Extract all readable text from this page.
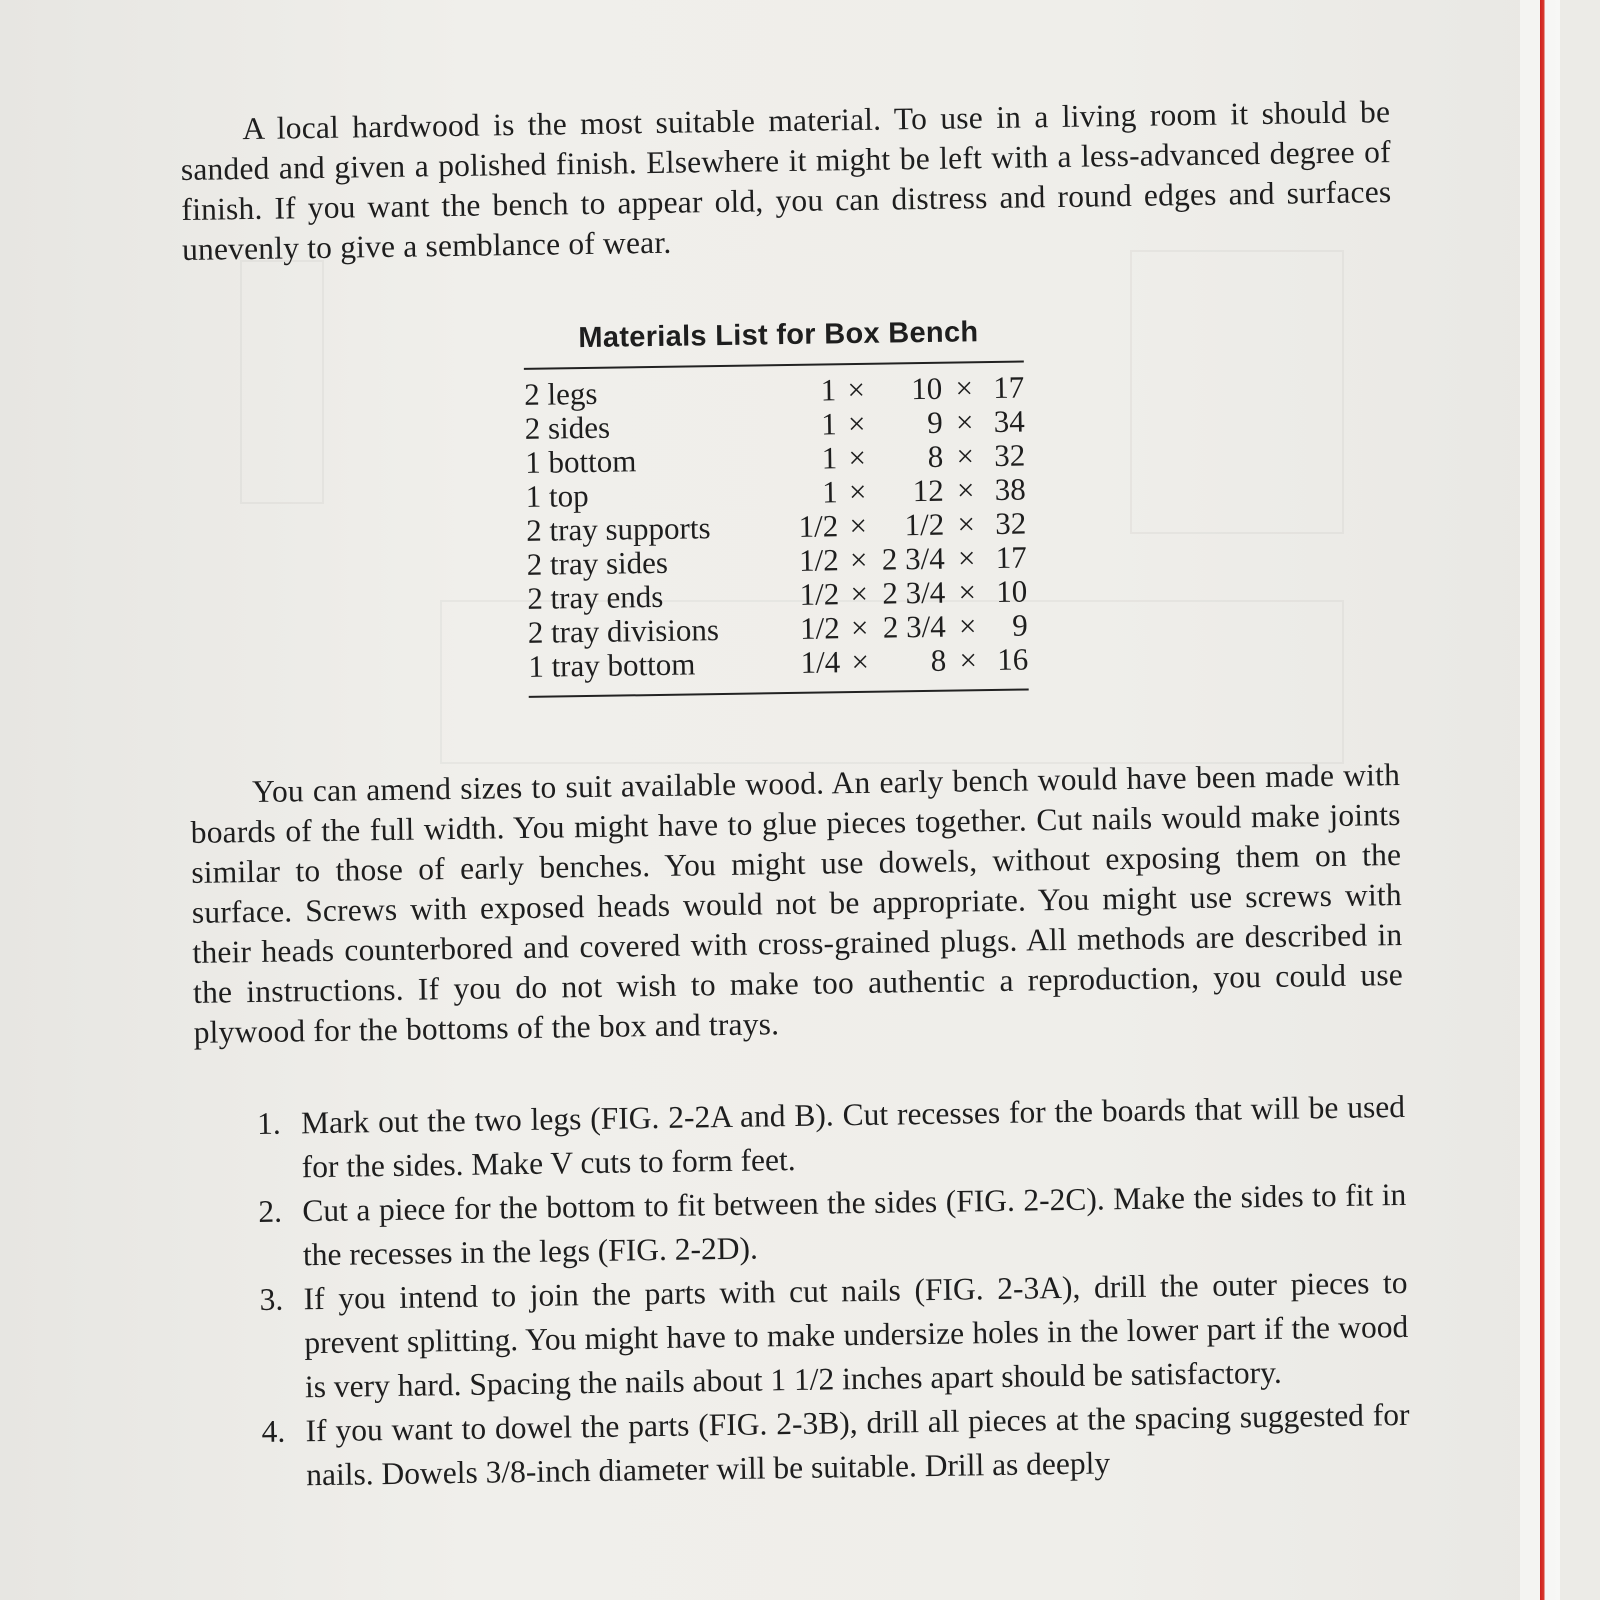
A local hardwood is the most suitable material. To use in a living room it should be sanded and given a polished finish. Elsewhere it might be left with a less-advanced degree of finish. If you want the bench to appear old, you can distress and round edges and surfaces unevenly to give a semblance of wear.

Materials List for Box Bench
2 legs	1	×	10	×	17
2 sides	1	×	9	×	34
1 bottom	1	×	8	×	32
1 top	1	×	12	×	38
2 tray supports	1/2	×	1/2	×	32
2 tray sides	1/2	×	2 3/4	×	17
2 tray ends	1/2	×	2 3/4	×	10
2 tray divisions	1/2	×	2 3/4	×	9
1 tray bottom	1/4	×	8	×	16

You can amend sizes to suit available wood. An early bench would have been made with boards of the full width. You might have to glue pieces together. Cut nails would make joints similar to those of early benches. You might use dowels, without exposing them on the surface. Screws with exposed heads would not be appropriate. You might use screws with their heads counterbored and covered with cross-grained plugs. All methods are described in the instructions. If you do not wish to make too authentic a reproduction, you could use plywood for the bottoms of the box and trays.

1. Mark out the two legs (FIG. 2-2A and B). Cut recesses for the boards that will be used for the sides. Make V cuts to form feet.
2. Cut a piece for the bottom to fit between the sides (FIG. 2-2C). Make the sides to fit in the recesses in the legs (FIG. 2-2D).
3. If you intend to join the parts with cut nails (FIG. 2-3A), drill the outer pieces to prevent splitting. You might have to make undersize holes in the lower part if the wood is very hard. Spacing the nails about 1 1/2 inches apart should be satisfactory.
4. If you want to dowel the parts (FIG. 2-3B), drill all pieces at the spacing suggested for nails. Dowels 3/8-inch diameter will be suitable. Drill as deeply
